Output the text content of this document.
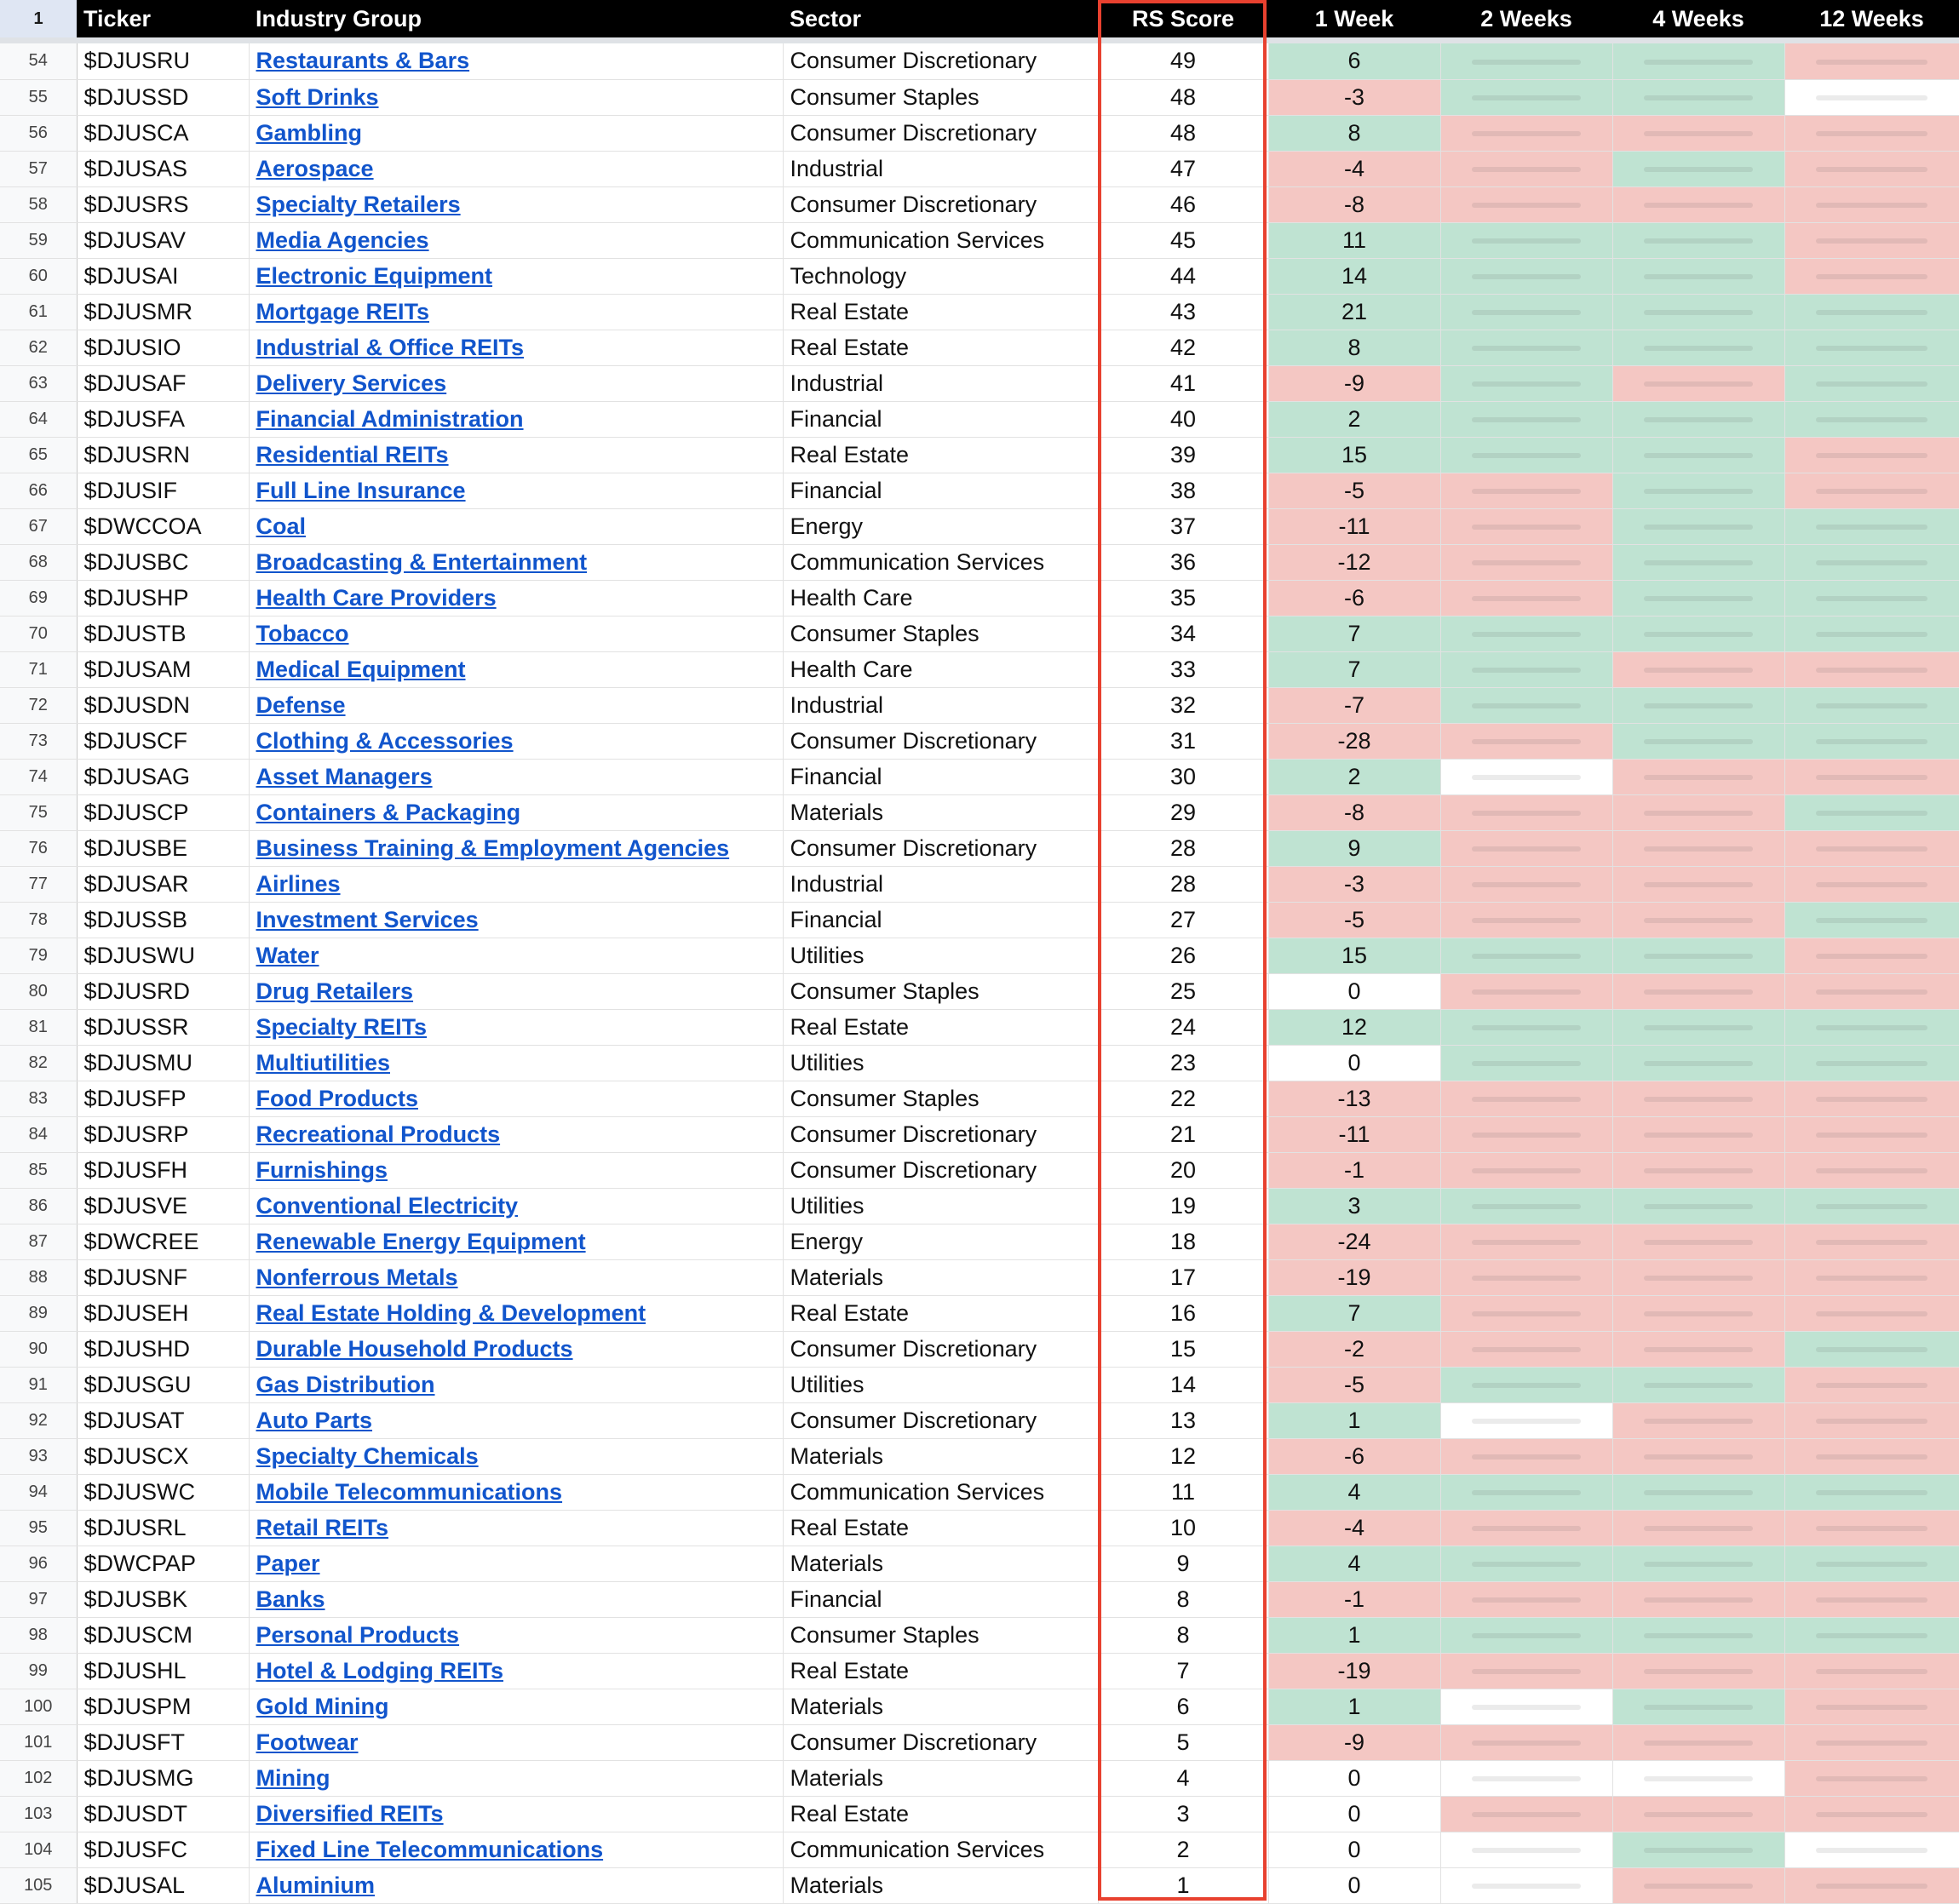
1	Ticker	Industry Group	Sector	RS Score	1 Week	2 Weeks	4 Weeks	12 Weeks

54	$DJUSRU	Restaurants & Bars	Consumer Discretionary	49	6	

55	$DJUSSD	Soft Drinks	Consumer Staples	48	-3	

56	$DJUSCA	Gambling	Consumer Discretionary	48	8	

57	$DJUSAS	Aerospace	Industrial	47	-4	

58	$DJUSRS	Specialty Retailers	Consumer Discretionary	46	-8	

59	$DJUSAV	Media Agencies	Communication Services	45	11	

60	$DJUSAI	Electronic Equipment	Technology	44	14	

61	$DJUSMR	Mortgage REITs	Real Estate	43	21	

62	$DJUSIO	Industrial & Office REITs	Real Estate	42	8	

63	$DJUSAF	Delivery Services	Industrial	41	-9	

64	$DJUSFA	Financial Administration	Financial	40	2	

65	$DJUSRN	Residential REITs	Real Estate	39	15	

66	$DJUSIF	Full Line Insurance	Financial	38	-5	

67	$DWCCOA	Coal	Energy	37	-11	

68	$DJUSBC	Broadcasting & Entertainment	Communication Services	36	-12	

69	$DJUSHP	Health Care Providers	Health Care	35	-6	

70	$DJUSTB	Tobacco	Consumer Staples	34	7	

71	$DJUSAM	Medical Equipment	Health Care	33	7	

72	$DJUSDN	Defense	Industrial	32	-7	

73	$DJUSCF	Clothing & Accessories	Consumer Discretionary	31	-28	

74	$DJUSAG	Asset Managers	Financial	30	2	

75	$DJUSCP	Containers & Packaging	Materials	29	-8	

76	$DJUSBE	Business Training & Employment Agencies	Consumer Discretionary	28	9	

77	$DJUSAR	Airlines	Industrial	28	-3	

78	$DJUSSB	Investment Services	Financial	27	-5	

79	$DJUSWU	Water	Utilities	26	15	

80	$DJUSRD	Drug Retailers	Consumer Staples	25	0	

81	$DJUSSR	Specialty REITs	Real Estate	24	12	

82	$DJUSMU	Multiutilities	Utilities	23	0	

83	$DJUSFP	Food Products	Consumer Staples	22	-13	

84	$DJUSRP	Recreational Products	Consumer Discretionary	21	-11	

85	$DJUSFH	Furnishings	Consumer Discretionary	20	-1	

86	$DJUSVE	Conventional Electricity	Utilities	19	3	

87	$DWCREE	Renewable Energy Equipment	Energy	18	-24	

88	$DJUSNF	Nonferrous Metals	Materials	17	-19	

89	$DJUSEH	Real Estate Holding & Development	Real Estate	16	7	

90	$DJUSHD	Durable Household Products	Consumer Discretionary	15	-2	

91	$DJUSGU	Gas Distribution	Utilities	14	-5	

92	$DJUSAT	Auto Parts	Consumer Discretionary	13	1	

93	$DJUSCX	Specialty Chemicals	Materials	12	-6	

94	$DJUSWC	Mobile Telecommunications	Communication Services	11	4	

95	$DJUSRL	Retail REITs	Real Estate	10	-4	

96	$DWCPAP	Paper	Materials	9	4	

97	$DJUSBK	Banks	Financial	8	-1	

98	$DJUSCM	Personal Products	Consumer Staples	8	1	

99	$DJUSHL	Hotel & Lodging REITs	Real Estate	7	-19	

100	$DJUSPM	Gold Mining	Materials	6	1	

101	$DJUSFT	Footwear	Consumer Discretionary	5	-9	

102	$DJUSMG	Mining	Materials	4	0	

103	$DJUSDT	Diversified REITs	Real Estate	3	0	

104	$DJUSFC	Fixed Line Telecommunications	Communication Services	2	0	

105	$DJUSAL	Aluminium	Materials	1	0	
